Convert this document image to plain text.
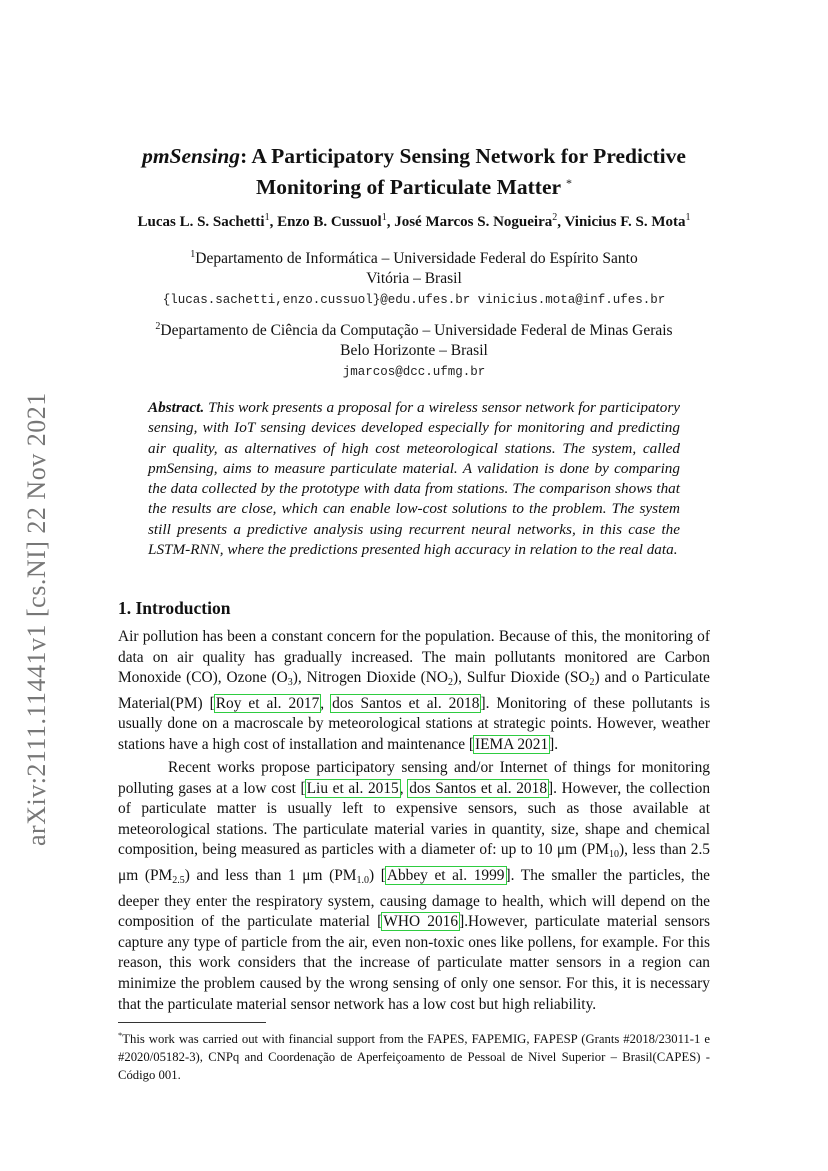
arXiv:2111.11441v1 [cs.NI] 22 Nov 2021
pmSensing: A Participatory Sensing Network for Predictive
Monitoring of Particulate Matter *
Lucas L. S. Sachetti$^1$, Enzo B. Cussuol$^1$, José Marcos S. Nogueira$^2$, Vinicius F. S. Mota$^1$
$^1$Departamento de Informática – Universidade Federal do Espírito Santo
Vitória – Brasil
{lucas.sachetti,enzo.cussuol}@edu.ufes.br vinicius.mota@inf.ufes.br
$^2$Departamento de Ciência da Computação – Universidade Federal de Minas Gerais
Belo Horizonte – Brasil
jmarcos@dcc.ufmg.br
Abstract. This work presents a proposal for a wireless sensor network for participatory sensing, with IoT sensing devices developed especially for monitoring and predicting air quality, as alternatives of high cost meteorological stations. The system, called pmSensing, aims to measure particulate material. A validation is done by comparing the data collected by the prototype with data from stations. The comparison shows that the results are close, which can enable low-cost solutions to the problem. The system still presents a predictive analysis using recurrent neural networks, in this case the LSTM-RNN, where the predictions presented high accuracy in relation to the real data.
1. Introduction
Air pollution has been a constant concern for the population. Because of this, the monitoring of data on air quality has gradually increased. The main pollutants monitored are Carbon Monoxide (CO), Ozone $(O_3)$, Nitrogen Dioxide $(NO_2)$, Sulfur Dioxide $(SO_2)$ and o Particulate Material(PM) [Roy et al. 2017, dos Santos et al. 2018]. Monitoring of these pollutants is usually done on a macroscale by meteorological stations at strategic points. However, weather stations have a high cost of installation and maintenance [IEMA 2021].
Recent works propose participatory sensing and/or Internet of things for monitoring polluting gases at a low cost [Liu et al. 2015, dos Santos et al. 2018]. However, the collection of particulate matter is usually left to expensive sensors, such as those available at meteorological stations. The particulate material varies in quantity, size, shape and chemical composition, being measured as particles with a diameter of: up to 10 μm $(PM_{10})$, less than 2.5 μm $(PM_{2.5})$ and less than 1 μm $(PM_{1.0})$ [Abbey et al. 1999]. The smaller the particles, the deeper they enter the respiratory system, causing damage to health, which will depend on the composition of the particulate material [WHO 2016].However, particulate material sensors capture any type of particle from the air, even non-toxic ones like pollens, for example. For this reason, this work considers that the increase of particulate matter sensors in a region can minimize the problem caused by the wrong sensing of only one sensor. For this, it is necessary that the particulate material sensor network has a low cost but high reliability.
*This work was carried out with financial support from the FAPES, FAPEMIG, FAPESP (Grants #2018/23011-1 e #2020/05182-3), CNPq and Coordenação de Aperfeiçoamento de Pessoal de Nivel Superior – Brasil(CAPES) - Código 001.
